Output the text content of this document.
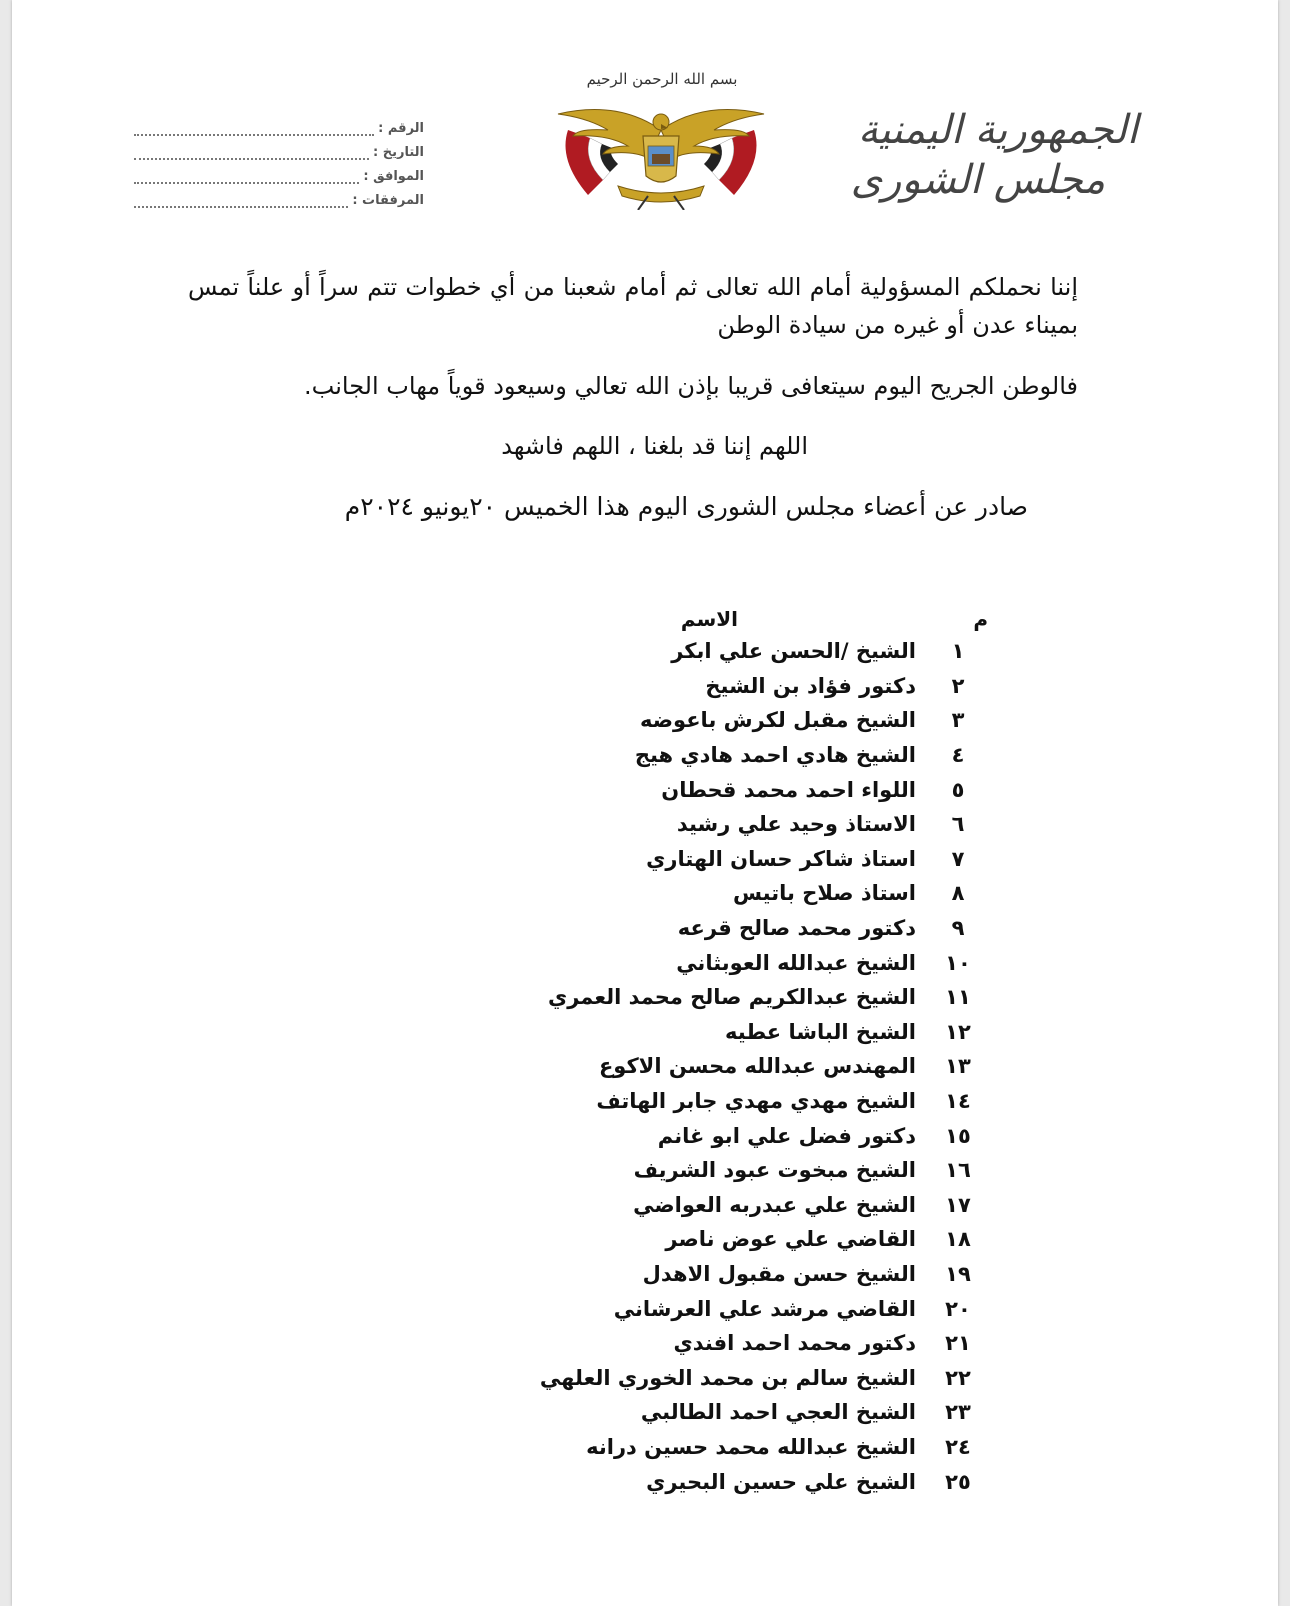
بسم الله الرحمن الرحيم
الجمهورية اليمنية
مجلس الشورى
الرقم :
التاريخ :
الموافق :
المرفقات :
إننا نحملكم المسؤولية أمام الله تعالى ثم أمام شعبنا من أي خطوات تتم سراً أو علناً تمس بميناء عدن أو غيره من سيادة الوطن
فالوطن الجريح اليوم سيتعافى قريبا بإذن الله تعالي وسيعود قوياً مهاب الجانب.
اللهم إننا قد بلغنا ، اللهم فاشهد
صادر عن أعضاء مجلس الشورى اليوم هذا الخميس ٢٠يونيو ٢٠٢٤م
م	الاسم
١	الشيخ /الحسن علي ابكر
٢	دكتور فؤاد بن الشيخ
٣	الشيخ مقبل لكرش باعوضه
٤	الشيخ هادي احمد هادي هيج
٥	اللواء احمد محمد قحطان
٦	الاستاذ وحيد علي رشيد
٧	استاذ شاكر حسان الهتاري
٨	استاذ صلاح باتيس
٩	دكتور محمد صالح قرعه
١٠	الشيخ عبدالله العوبثاني
١١	الشيخ عبدالكريم صالح محمد العمري
١٢	الشيخ الباشا عطيه
١٣	المهندس عبدالله محسن الاكوع
١٤	الشيخ مهدي مهدي جابر الهاتف
١٥	دكتور فضل علي ابو غانم
١٦	الشيخ مبخوت عبود الشريف
١٧	الشيخ علي عبدربه العواضي
١٨	القاضي علي عوض ناصر
١٩	الشيخ حسن مقبول الاهدل
٢٠	القاضي مرشد علي العرشاني
٢١	دكتور محمد احمد افندي
٢٢	الشيخ سالم بن محمد الخوري العلهي
٢٣	الشيخ العجي احمد الطالبي
٢٤	الشيخ عبدالله محمد حسين درانه
٢٥	الشيخ علي حسين البحيري
